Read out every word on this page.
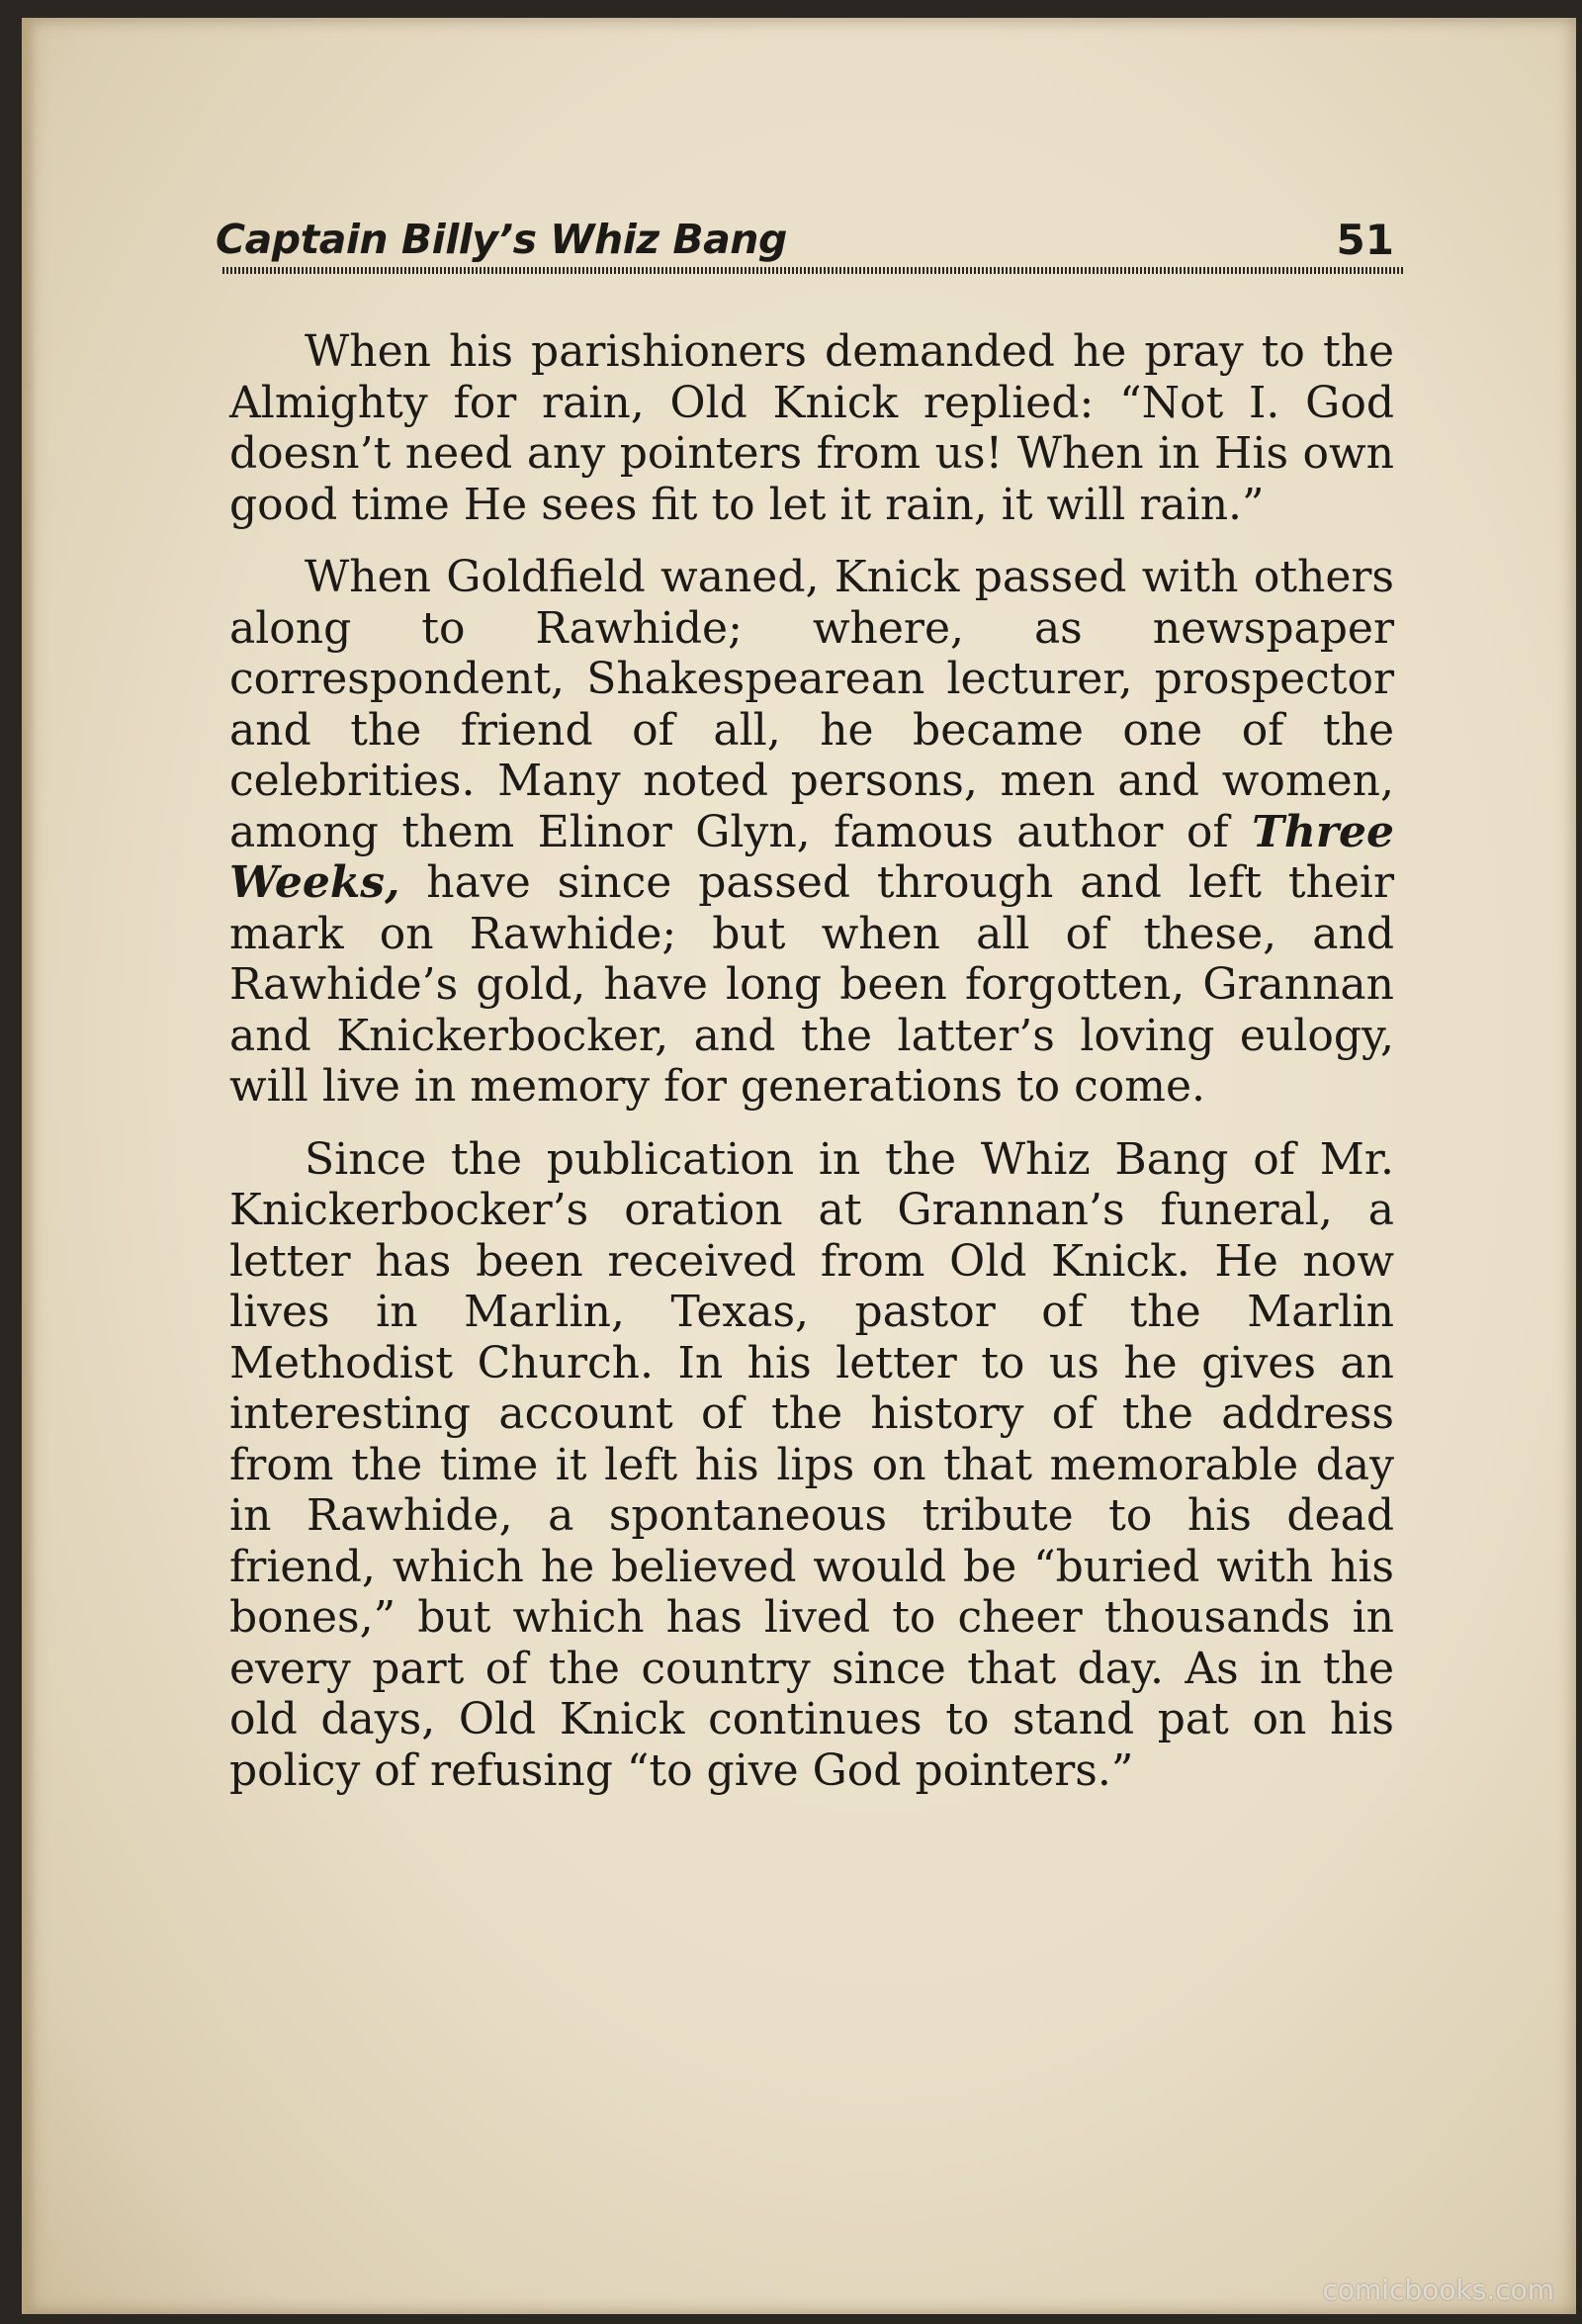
Captain Billy’s Whiz Bang	51

When his parishioners demanded he pray to the Almighty for rain, Old Knick replied: “Not I. God doesn’t need any pointers from us! When in His own good time He sees fit to let it rain, it will rain.”

When Goldfield waned, Knick passed with others along to Rawhide; where, as newspaper correspondent, Shakespearean lecturer, prospector and the friend of all, he became one of the celebrities. Many noted persons, men and women, among them Elinor Glyn, famous author of Three Weeks, have since passed through and left their mark on Rawhide; but when all of these, and Rawhide’s gold, have long been forgotten, Grannan and Knickerbocker, and the latter’s loving eulogy, will live in memory for generations to come.

Since the publication in the Whiz Bang of Mr. Knickerbocker’s oration at Grannan’s funeral, a letter has been received from Old Knick. He now lives in Marlin, Texas, pastor of the Marlin Methodist Church. In his letter to us he gives an interesting account of the history of the address from the time it left his lips on that memorable day in Rawhide, a spontaneous tribute to his dead friend, which he believed would be “buried with his bones,” but which has lived to cheer thousands in every part of the country since that day. As in the old days, Old Knick continues to stand pat on his policy of refusing “to give God pointers.”

comicbooks.com
